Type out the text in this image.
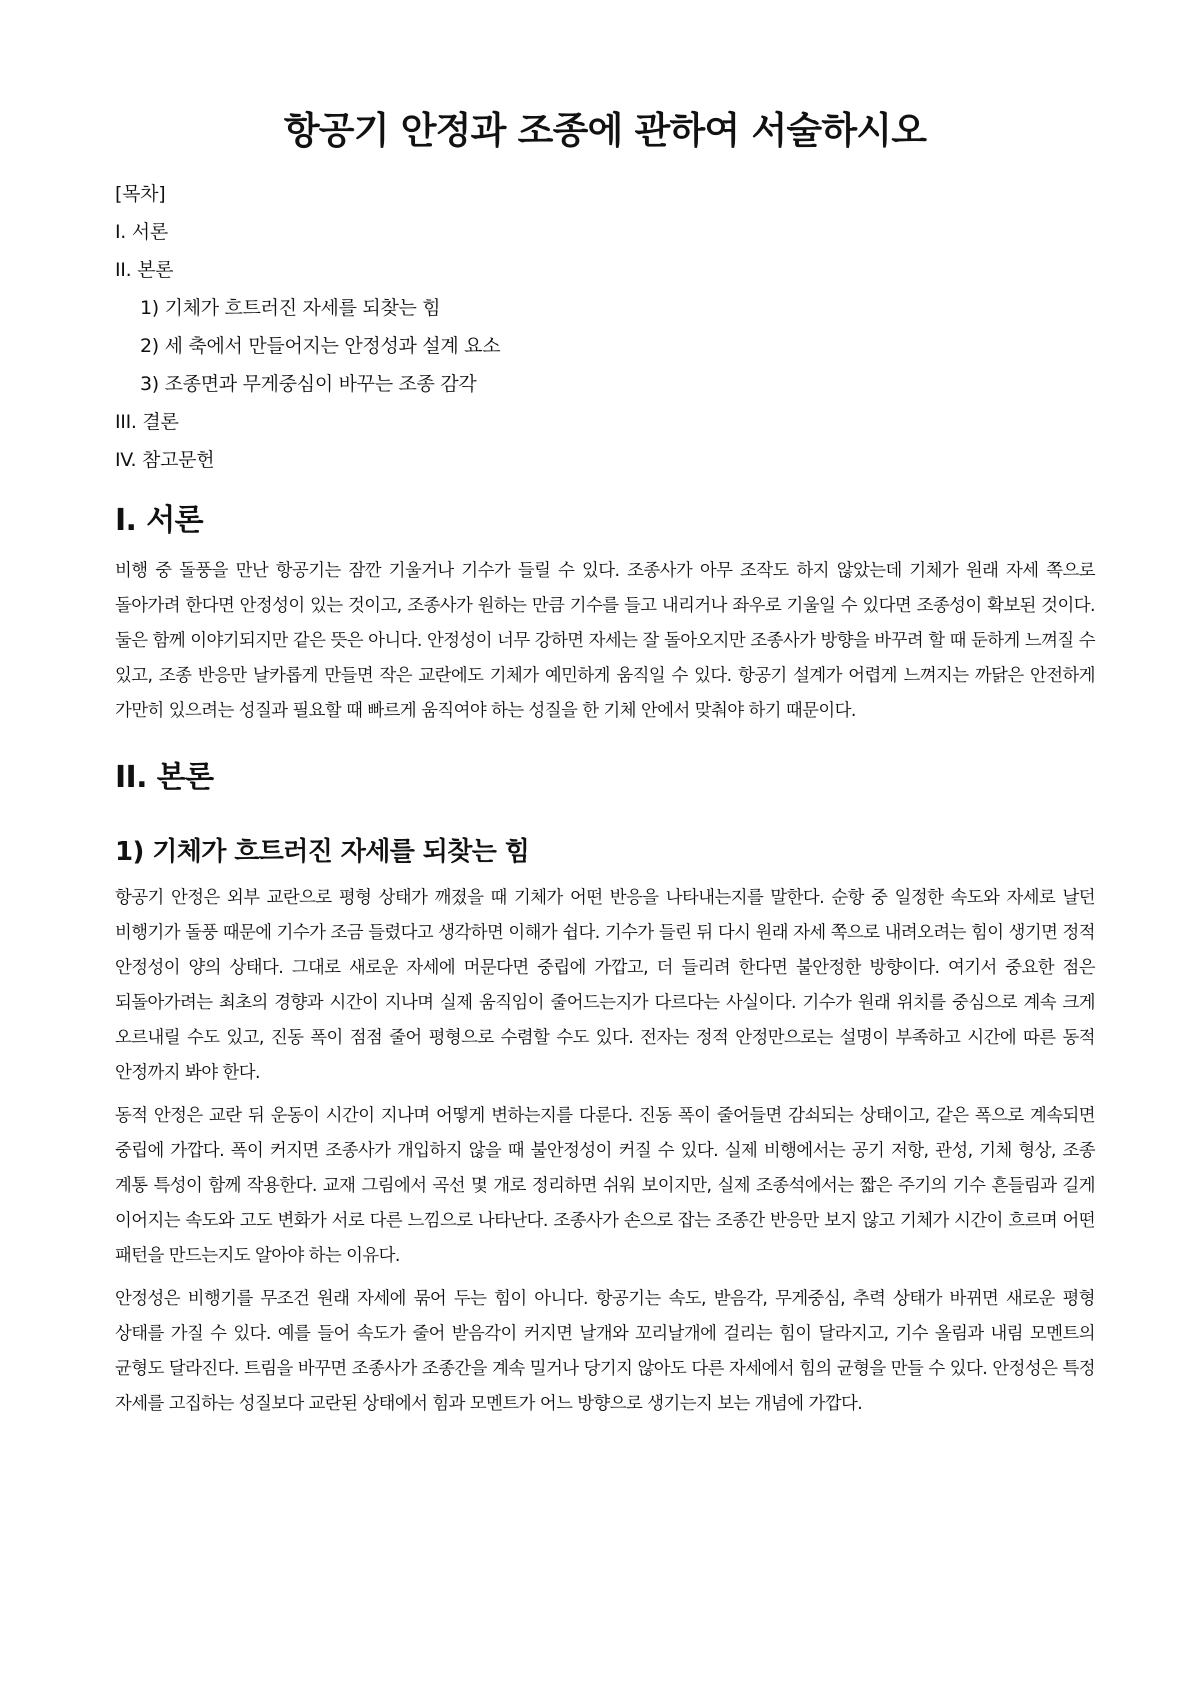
항공기 안정과 조종에 관하여 서술하시오
[목차]
I. 서론
II. 본론
1) 기체가 흐트러진 자세를 되찾는 힘
2) 세 축에서 만들어지는 안정성과 설계 요소
3) 조종면과 무게중심이 바꾸는 조종 감각
III. 결론
IV. 참고문헌
I. 서론

비행 중 돌풍을 만난 항공기는 잠깐 기울거나 기수가 들릴 수 있다. 조종사가 아무 조작도 하지 않았는데 기체가 원래 자세 쪽으로 돌아가려 한다면 안정성이 있는 것이고, 조종사가 원하는 만큼 기수를 들고 내리거나 좌우로 기울일 수 있다면 조종성이 확보된 것이다. 둘은 함께 이야기되지만 같은 뜻은 아니다. 안정성이 너무 강하면 자세는 잘 돌아오지만 조종사가 방향을 바꾸려 할 때 둔하게 느껴질 수 있고, 조종 반응만 날카롭게 만들면 작은 교란에도 기체가 예민하게 움직일 수 있다. 항공기 설계가 어렵게 느껴지는 까닭은 안전하게 가만히 있으려는 성질과 필요할 때 빠르게 움직여야 하는 성질을 한 기체 안에서 맞춰야 하기 때문이다.

II. 본론
1) 기체가 흐트러진 자세를 되찾는 힘

항공기 안정은 외부 교란으로 평형 상태가 깨졌을 때 기체가 어떤 반응을 나타내는지를 말한다. 순항 중 일정한 속도와 자세로 날던 비행기가 돌풍 때문에 기수가 조금 들렸다고 생각하면 이해가 쉽다. 기수가 들린 뒤 다시 원래 자세 쪽으로 내려오려는 힘이 생기면 정적 안정성이 양의 상태다. 그대로 새로운 자세에 머문다면 중립에 가깝고, 더 들리려 한다면 불안정한 방향이다. 여기서 중요한 점은 되돌아가려는 최초의 경향과 시간이 지나며 실제 움직임이 줄어드는지가 다르다는 사실이다. 기수가 원래 위치를 중심으로 계속 크게 오르내릴 수도 있고, 진동 폭이 점점 줄어 평형으로 수렴할 수도 있다. 전자는 정적 안정만으로는 설명이 부족하고 시간에 따른 동적 안정까지 봐야 한다.

동적 안정은 교란 뒤 운동이 시간이 지나며 어떻게 변하는지를 다룬다. 진동 폭이 줄어들면 감쇠되는 상태이고, 같은 폭으로 계속되면 중립에 가깝다. 폭이 커지면 조종사가 개입하지 않을 때 불안정성이 커질 수 있다. 실제 비행에서는 공기 저항, 관성, 기체 형상, 조종 계통 특성이 함께 작용한다. 교재 그림에서 곡선 몇 개로 정리하면 쉬워 보이지만, 실제 조종석에서는 짧은 주기의 기수 흔들림과 길게 이어지는 속도와 고도 변화가 서로 다른 느낌으로 나타난다. 조종사가 손으로 잡는 조종간 반응만 보지 않고 기체가 시간이 흐르며 어떤 패턴을 만드는지도 알아야 하는 이유다.

안정성은 비행기를 무조건 원래 자세에 묶어 두는 힘이 아니다. 항공기는 속도, 받음각, 무게중심, 추력 상태가 바뀌면 새로운 평형 상태를 가질 수 있다. 예를 들어 속도가 줄어 받음각이 커지면 날개와 꼬리날개에 걸리는 힘이 달라지고, 기수 올림과 내림 모멘트의 균형도 달라진다. 트림을 바꾸면 조종사가 조종간을 계속 밀거나 당기지 않아도 다른 자세에서 힘의 균형을 만들 수 있다. 안정성은 특정 자세를 고집하는 성질보다 교란된 상태에서 힘과 모멘트가 어느 방향으로 생기는지 보는 개념에 가깝다.
